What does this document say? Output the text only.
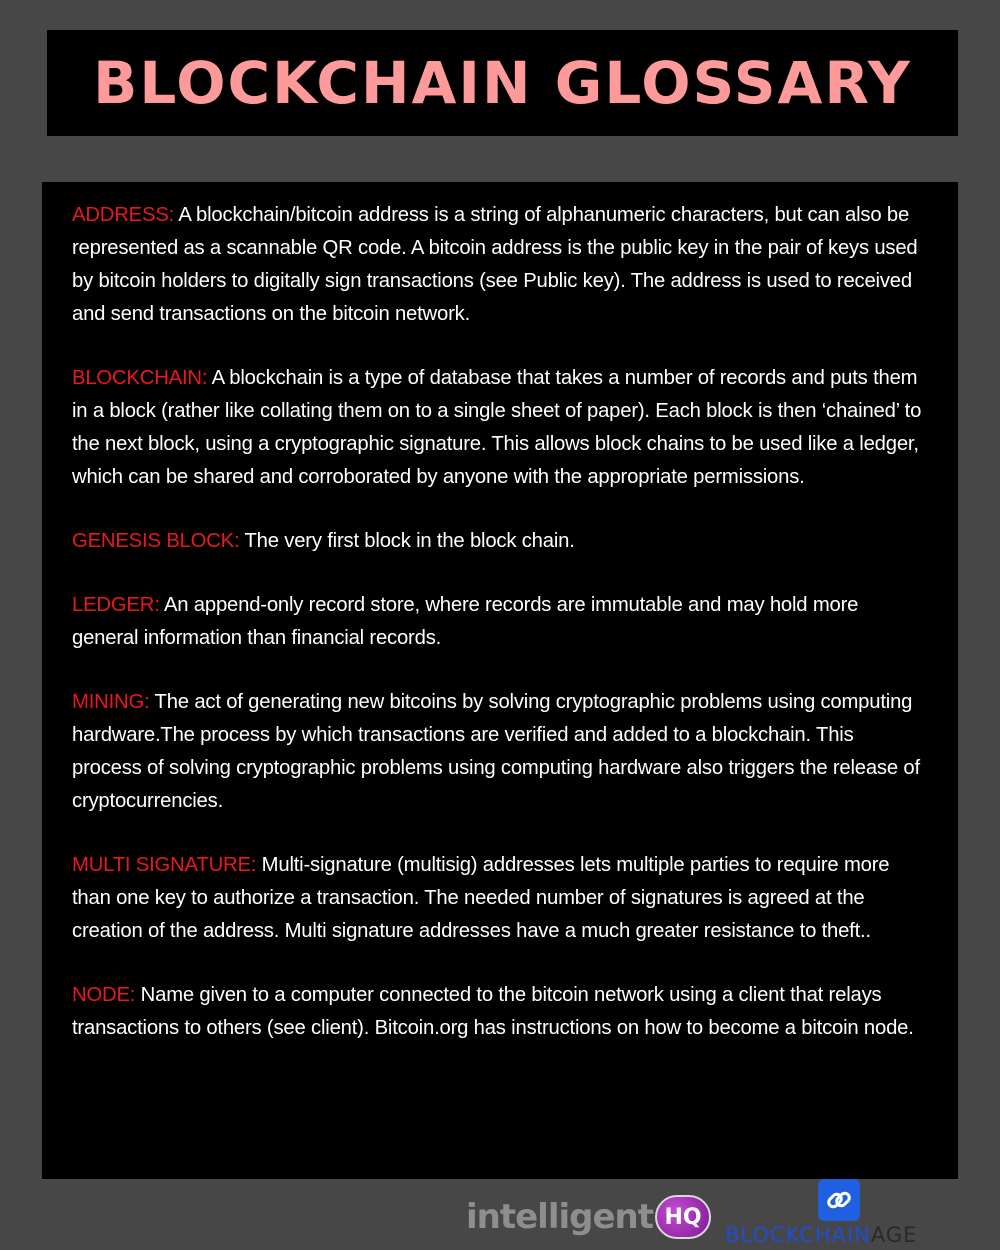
BLOCKCHAIN GLOSSARY

ADDRESS: A blockchain/bitcoin address is a string of alphanumeric characters, but can also be represented as a scannable QR code. A bitcoin address is the public key in the pair of keys used by bitcoin holders to digitally sign transactions (see Public key). The address is used to received and send transactions on the bitcoin network.

BLOCKCHAIN: A blockchain is a type of database that takes a number of records and puts them in a block (rather like collating them on to a single sheet of paper). Each block is then ‘chained’ to the next block, using a cryptographic signature. This allows block chains to be used like a ledger, which can be shared and corroborated by anyone with the appropriate permissions.

GENESIS BLOCK: The very first block in the block chain.

LEDGER: An append-only record store, where records are immutable and may hold more general information than financial records.

MINING: The act of generating new bitcoins by solving cryptographic problems using computing hardware.The process by which transactions are verified and added to a blockchain. This process of solving cryptographic problems using computing hardware also triggers the release of cryptocurrencies.

MULTI SIGNATURE: Multi-signature (multisig) addresses lets multiple parties to require more than one key to authorize a transaction. The needed number of signatures is agreed at the creation of the address. Multi signature addresses have a much greater resistance to theft..

NODE: Name given to a computer connected to the bitcoin network using a client that relays transactions to others (see client). Bitcoin.org has instructions on how to become a bitcoin node.

intelligent HQ
BLOCKCHAINAGE
